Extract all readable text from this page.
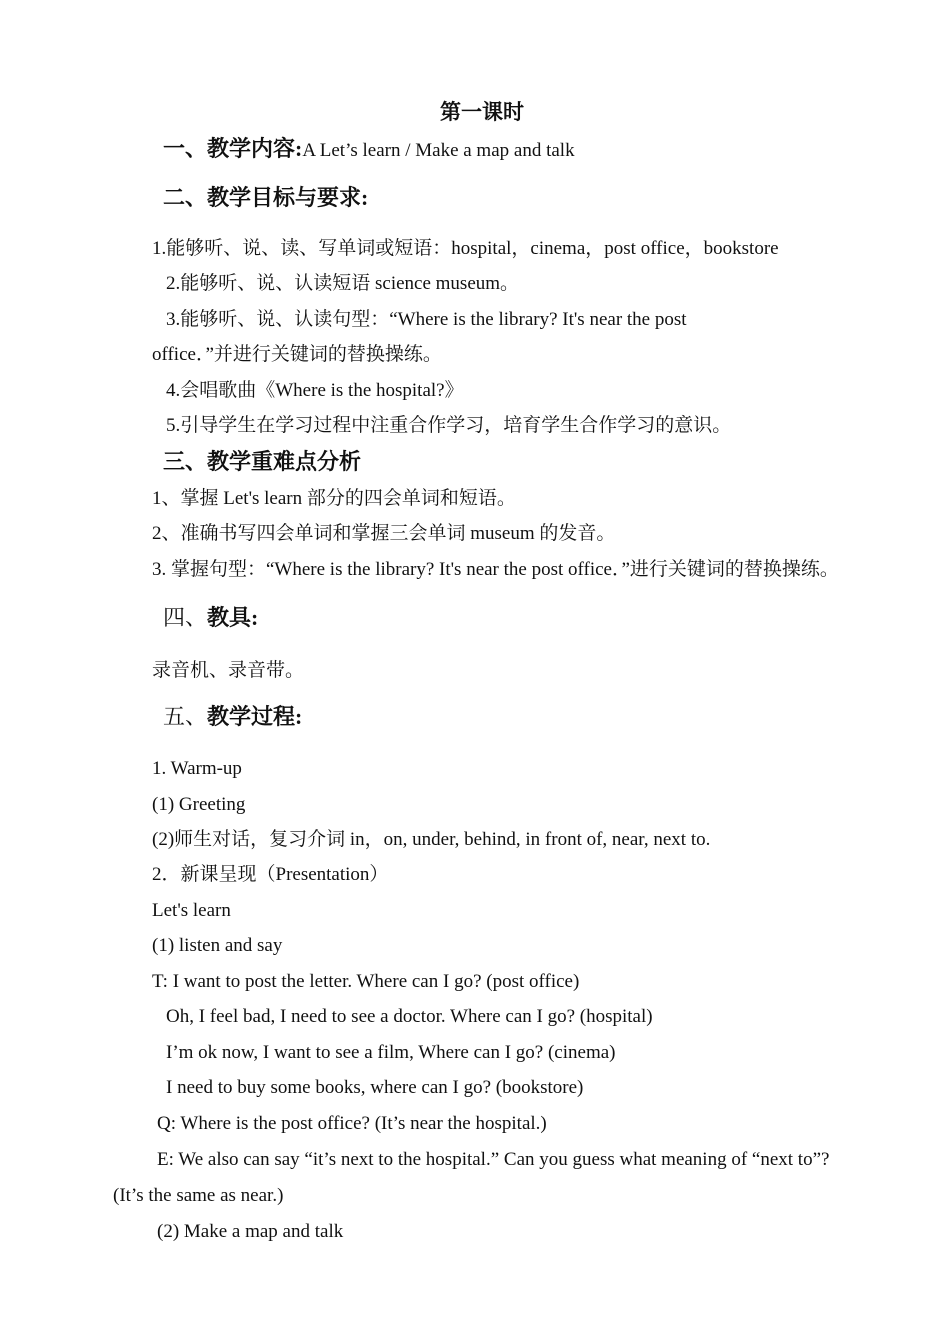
第一课时
一、教学内容:A Let’s learn / Make a map and talk
二、教学目标与要求:
1.能够听、说、读、写单词或短语：hospital，cinema，post office，bookstore
2.能够听、说、认读短语 science museum。
3.能够听、说、认读句型：“Where is the library? It's near the post
office．”并进行关键词的替换操练。
4.会唱歌曲《Where is the hospital?》
5.引导学生在学习过程中注重合作学习，培育学生合作学习的意识。
三、教学重难点分析
1、掌握 Let's learn 部分的四会单词和短语。
2、准确书写四会单词和掌握三会单词 museum 的发音。
3. 掌握句型：“Where is the library? It's near the post office．”进行关键词的替换操练。
四、教具:
录音机、录音带。
五、教学过程:
1. Warm-up
(1) Greeting
(2)师生对话，复习介词 in，on, under, behind, in front of, near, next to.
2．新课呈现（Presentation）
Let's learn
(1) listen and say
T: I want to post the letter. Where can I go? (post office)
Oh, I feel bad, I need to see a doctor. Where can I go? (hospital)
I’m ok now, I want to see a film, Where can I go? (cinema)
I need to buy some books, where can I go? (bookstore)
Q: Where is the post office? (It’s near the hospital.)
E: We also can say “it’s next to the hospital.” Can you guess what meaning of “next to”?
(It’s the same as near.)
(2) Make a map and talk
